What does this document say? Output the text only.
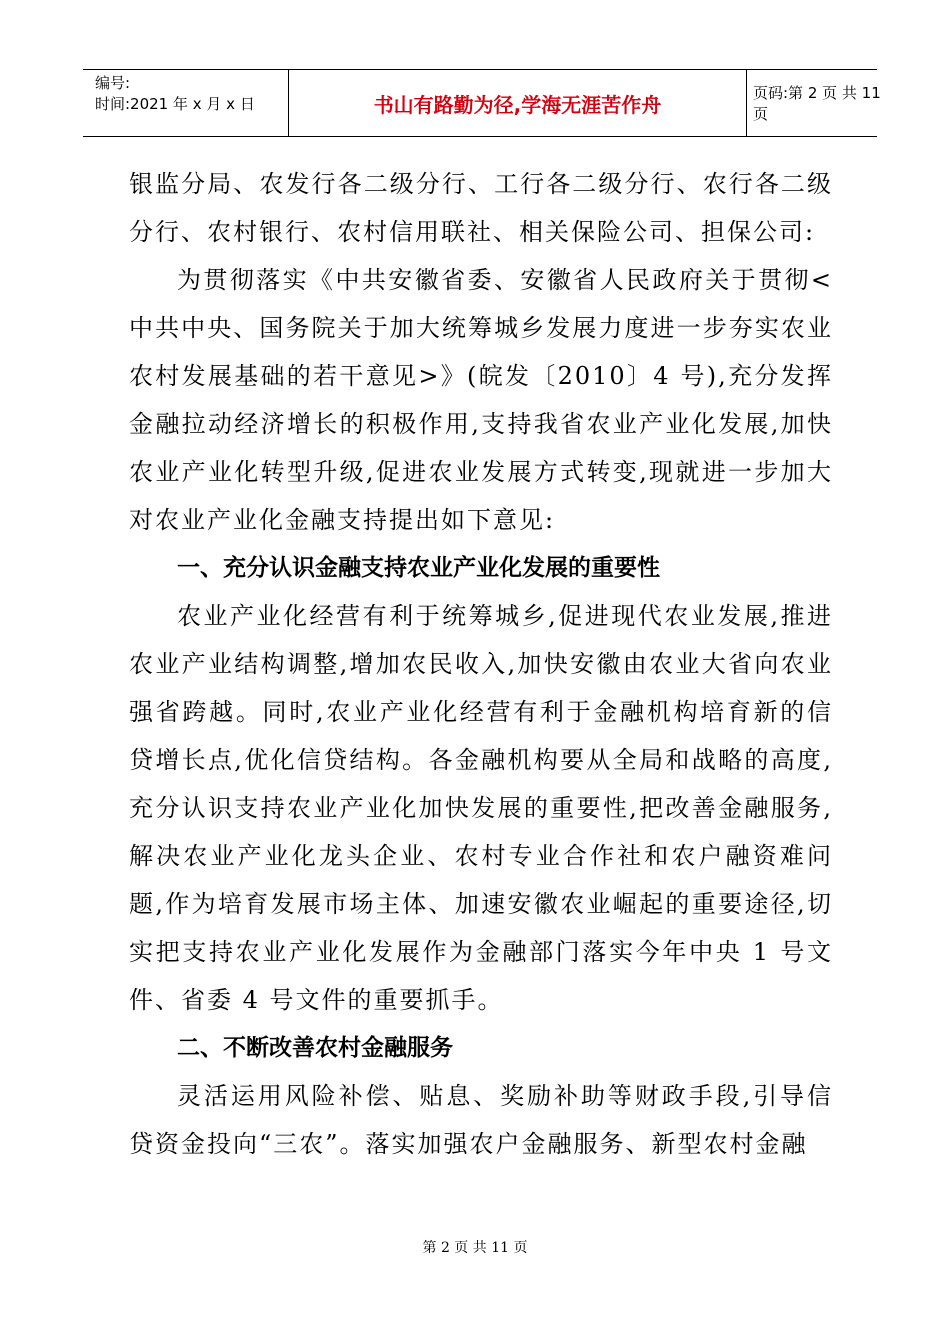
编号:
时间:2021 年 x 月 x 日	书山有路勤为径,学海无涯苦作舟	页码:第 2 页 共 11 页

银监分局、农发行各二级分行、工行各二级分行、农行各二级分行、农村银行、农村信用联社、相关保险公司、担保公司:

为贯彻落实《中共安徽省委、安徽省人民政府关于贯彻<中共中央、国务院关于加大统筹城乡发展力度进一步夯实农业农村发展基础的若干意见>》(皖发〔2010〕4 号),充分发挥金融拉动经济增长的积极作用,支持我省农业产业化发展,加快农业产业化转型升级,促进农业发展方式转变,现就进一步加大对农业产业化金融支持提出如下意见:

一、充分认识金融支持农业产业化发展的重要性

农业产业化经营有利于统筹城乡,促进现代农业发展,推进农业产业结构调整,增加农民收入,加快安徽由农业大省向农业强省跨越。同时,农业产业化经营有利于金融机构培育新的信贷增长点,优化信贷结构。各金融机构要从全局和战略的高度,充分认识支持农业产业化加快发展的重要性,把改善金融服务,解决农业产业化龙头企业、农村专业合作社和农户融资难问题,作为培育发展市场主体、加速安徽农业崛起的重要途径,切实把支持农业产业化发展作为金融部门落实今年中央 1 号文件、省委 4 号文件的重要抓手。

二、不断改善农村金融服务

灵活运用风险补偿、贴息、奖励补助等财政手段,引导信贷资金投向“三农”。落实加强农户金融服务、新型农村金融

第 2 页 共 11 页
